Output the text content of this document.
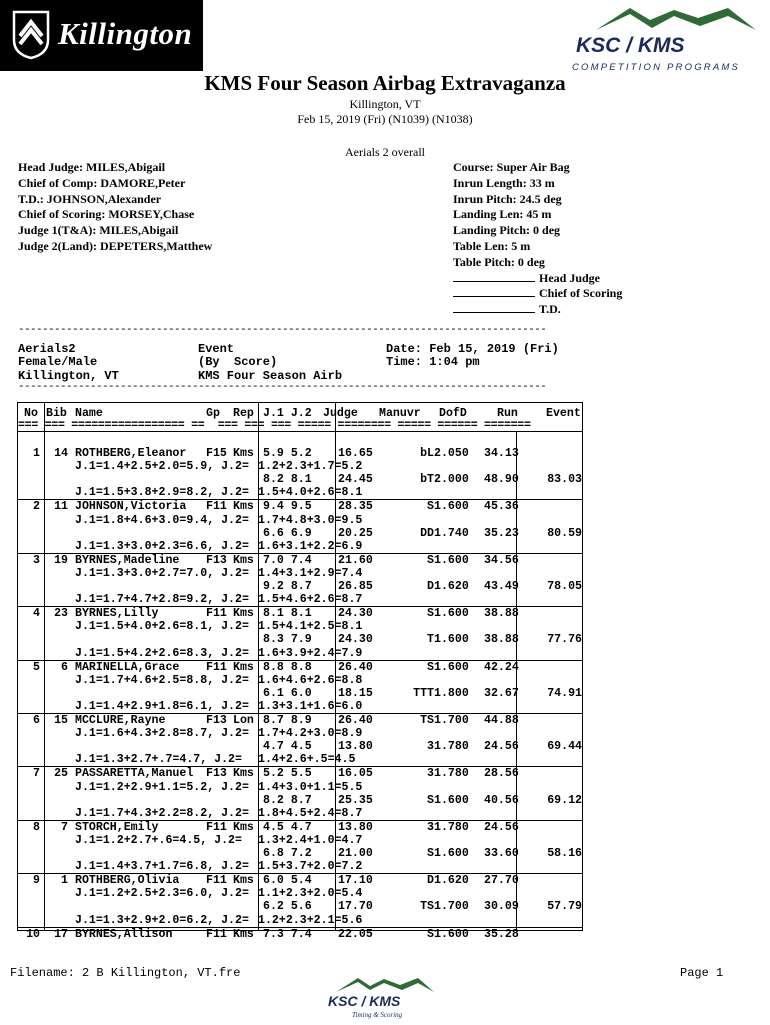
Killington	KSC / KMS
COMPETITION PROGRAMS
KMS Four Season Airbag Extravaganza
Killington, VT
Feb 15, 2019 (Fri) (N1039) (N1038)
Aerials 2 overall
Head Judge: MILES,Abigail
Chief of Comp: DAMORE,Peter
T.D.: JOHNSON,Alexander
Chief of Scoring: MORSEY,Chase
Judge 1(T&A): MILES,Abigail
Judge 2(Land): DEPETERS,Matthew
Course: Super Air Bag
Inrun Length: 33 m
Inrun Pitch: 24.5 deg
Landing Len: 45 m
Landing Pitch: 0 deg
Table Len: 5 m
Table Pitch: 0 deg
Head Judge
Chief of Scoring
T.D.
----------------------------------------------------------------------------------------
Aerials2
Female/Male
Killington, VT
Event
(By  Score)
KMS Four Season Airb
Date: Feb 15, 2019 (Fri)
Time: 1:04 pm
----------------------------------------------------------------------------------------
No Bib Name	Gp Rep J.1 J.2 Judge Manuvr DofD	Run Event
=== === ================= ==  === === === ===== ======== ===== ====== =======
1	14 ROTHBERG,Eleanor F15 Kms 5.9 5.2 16.65	bL 2.050 34.13
J.1=1.4+2.5+2.0=5.9, J.2= 1.2+2.3+1.7=5.2
8.2 8.1 24.45	bT 2.000 48.90	83.03
J.1=1.5+3.8+2.9=8.2, J.2= 1.5+4.0+2.6=8.1
2	11 JOHNSON,Victoria F11 Kms 9.4 9.5 28.35	S 1.600 45.36
J.1=1.8+4.6+3.0=9.4, J.2= 1.7+4.8+3.0=9.5
6.6 6.9 20.25	DD 1.740 35.23	80.59
J.1=1.3+3.0+2.3=6.6, J.2= 1.6+3.1+2.2=6.9
3	19 BYRNES,Madeline F13 Kms 7.0 7.4 21.60	S 1.600 34.56
J.1=1.3+3.0+2.7=7.0, J.2= 1.4+3.1+2.9=7.4
9.2 8.7 26.85	D 1.620 43.49	78.05
J.1=1.7+4.7+2.8=9.2, J.2= 1.5+4.6+2.6=8.7
4	23 BYRNES,Lilly	F11 Kms 8.1 8.1 24.30	S 1.600 38.88
J.1=1.5+4.0+2.6=8.1, J.2= 1.5+4.1+2.5=8.1
8.3 7.9 24.30	T 1.600 38.88	77.76
J.1=1.5+4.2+2.6=8.3, J.2= 1.6+3.9+2.4=7.9
5	6 MARINELLA,Grace F11 Kms 8.8 8.8 26.40	S 1.600 42.24
J.1=1.7+4.6+2.5=8.8, J.2= 1.6+4.6+2.6=8.8
6.1 6.0 18.15	TTT 1.800 32.67	74.91
J.1=1.4+2.9+1.8=6.1, J.2= 1.3+3.1+1.6=6.0
6	15 MCCLURE,Rayne	F13 Lon 8.7 8.9 26.40	TS 1.700 44.88
J.1=1.6+4.3+2.8=8.7, J.2= 1.7+4.2+3.0=8.9
4.7 4.5 13.80	3 1.780 24.56	69.44
J.1=1.3+2.7+.7=4.7, J.2= 1.4+2.6+.5=4.5
7	25 PASSARETTA,Manuel F13 Kms 5.2 5.5 16.05	3 1.780 28.56
J.1=1.2+2.9+1.1=5.2, J.2= 1.4+3.0+1.1=5.5
8.2 8.7 25.35	S 1.600 40.56	69.12
J.1=1.7+4.3+2.2=8.2, J.2= 1.8+4.5+2.4=8.7
8	7 STORCH,Emily	F11 Kms 4.5 4.7 13.80	3 1.780 24.56
J.1=1.2+2.7+.6=4.5, J.2= 1.3+2.4+1.0=4.7
6.8 7.2 21.00	S 1.600 33.60	58.16
J.1=1.4+3.7+1.7=6.8, J.2= 1.5+3.7+2.0=7.2
9	1 ROTHBERG,Olivia F11 Kms 6.0 5.4 17.10	D 1.620 27.70
J.1=1.2+2.5+2.3=6.0, J.2= 1.1+2.3+2.0=5.4
6.2 5.6 17.70	TS 1.700 30.09	57.79
J.1=1.3+2.9+2.0=6.2, J.2= 1.2+2.3+2.1=5.6
10	17 BYRNES,Allison	F11 Kms 7.3 7.4 22.05	S 1.600 35.28
Filename: 2 B Killington, VT.fre	Page 1
KSC / KMS
Timing & Scoring
